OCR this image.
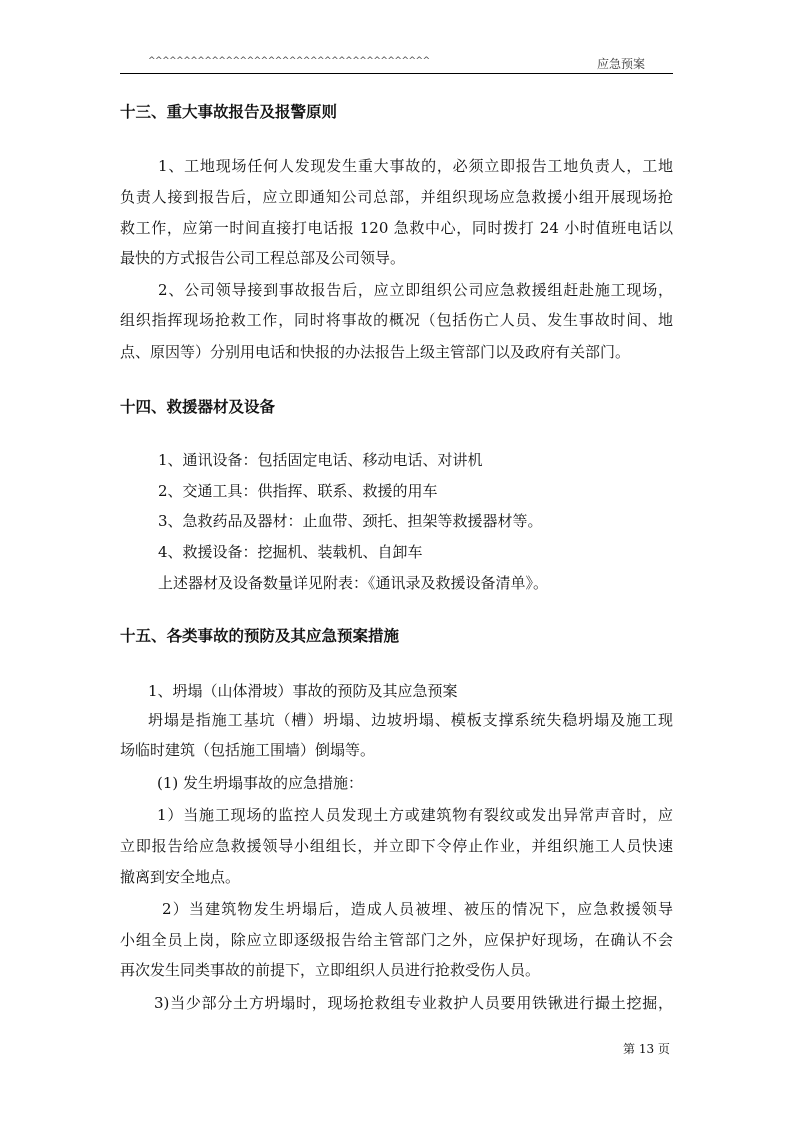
^^^^^^^^^^^^^^^^^^^^^^^^^^^^^^^^^^^^^^^^	应急预案
十三、重大事故报告及报警原则
1、工地现场任何人发现发生重大事故的，必须立即报告工地负责人，工地
负责人接到报告后，应立即通知公司总部，并组织现场应急救援小组开展现场抢
救工作，应第一时间直接打电话报 120 急救中心，同时拨打 24 小时值班电话以
最快的方式报告公司工程总部及公司领导。
2、公司领导接到事故报告后，应立即组织公司应急救援组赶赴施工现场，
组织指挥现场抢救工作，同时将事故的概况（包括伤亡人员、发生事故时间、地
点、原因等）分别用电话和快报的办法报告上级主管部门以及政府有关部门。
十四、救援器材及设备
1、通讯设备：包括固定电话、移动电话、对讲机
2、交通工具：供指挥、联系、救援的用车
3、急救药品及器材：止血带、颈托、担架等救援器材等。
4、救援设备：挖掘机、装载机、自卸车
上述器材及设备数量详见附表：《通讯录及救援设备清单》。
十五、各类事故的预防及其应急预案措施
1、坍塌（山体滑坡）事故的预防及其应急预案
坍塌是指施工基坑（槽）坍塌、边坡坍塌、模板支撑系统失稳坍塌及施工现
场临时建筑（包括施工围墙）倒塌等。
(1) 发生坍塌事故的应急措施：
1）当施工现场的监控人员发现土方或建筑物有裂纹或发出异常声音时，应
立即报告给应急救援领导小组组长，并立即下令停止作业，并组织施工人员快速
撤离到安全地点。
2）当建筑物发生坍塌后，造成人员被埋、被压的情况下，应急救援领导
小组全员上岗，除应立即逐级报告给主管部门之外，应保护好现场，在确认不会
再次发生同类事故的前提下，立即组织人员进行抢救受伤人员。
3)当少部分土方坍塌时，现场抢救组专业救护人员要用铁锹进行撮土挖掘，
第 13 页
